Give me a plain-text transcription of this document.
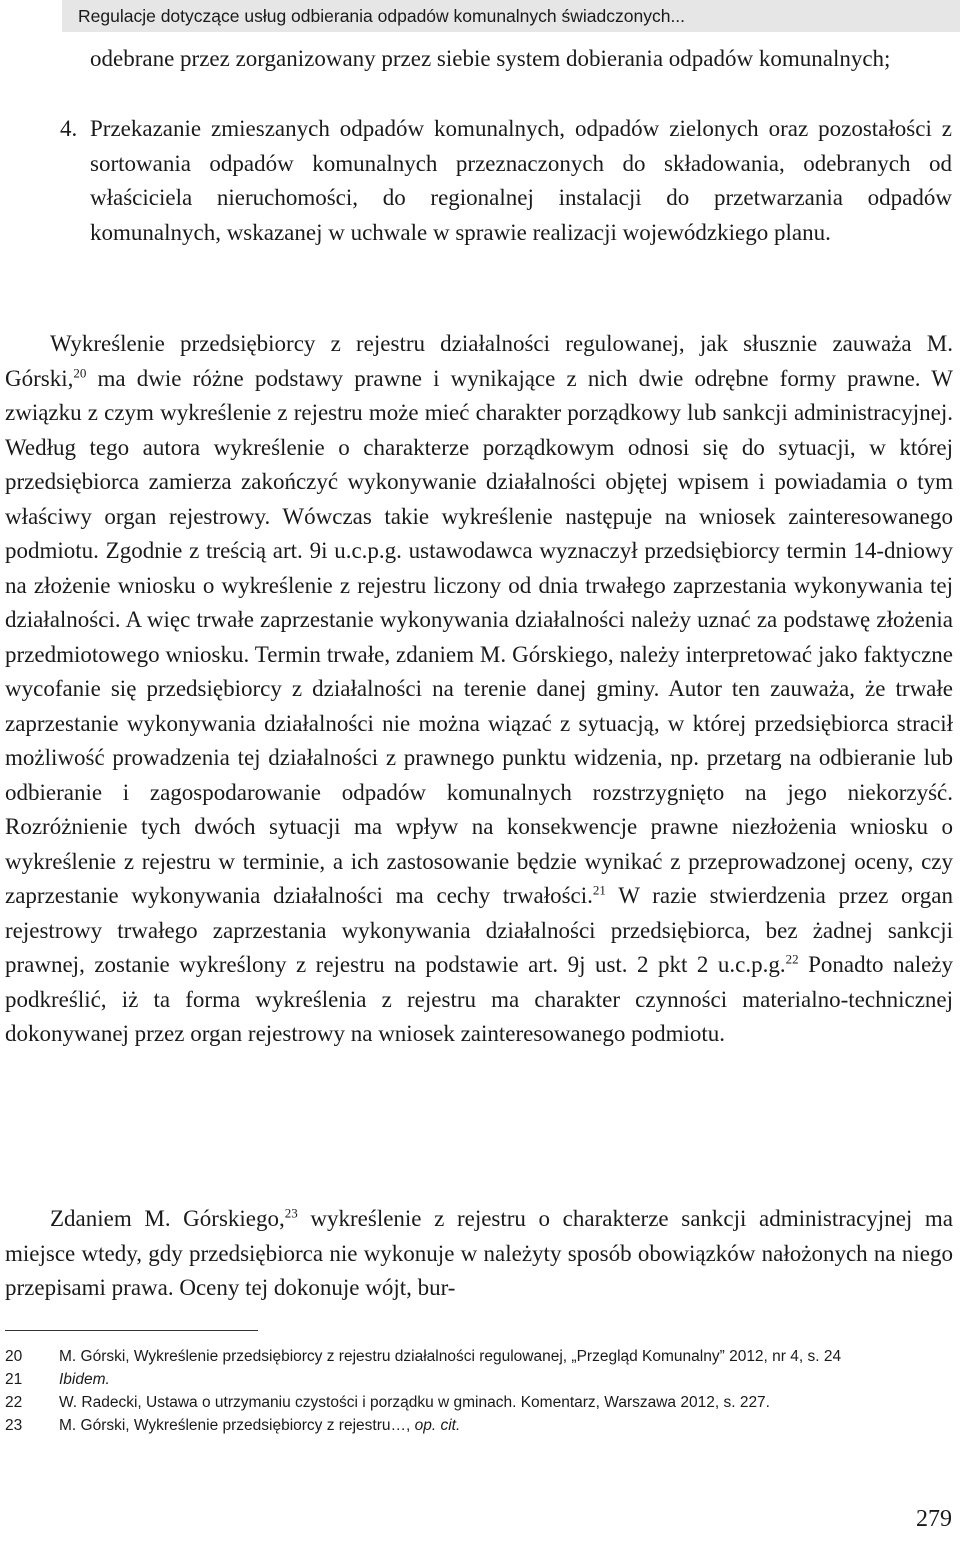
Regulacje dotyczące usług odbierania odpadów komunalnych świadczonych...

odebrane przez zorganizowany przez siebie system dobierania odpadów komunalnych;

4. Przekazanie zmieszanych odpadów komunalnych, odpadów zielonych oraz pozostałości z sortowania odpadów komunalnych przeznaczonych do składowania, odebranych od właściciela nieruchomości, do regionalnej instalacji do przetwarzania odpadów komunalnych, wskazanej w uchwale w sprawie realizacji wojewódzkiego planu.

Wykreślenie przedsiębiorcy z rejestru działalności regulowanej, jak słusznie zauważa M. Górski,$^{20}$ ma dwie różne podstawy prawne i wynikające z nich dwie odrębne formy prawne. W związku z czym wykreślenie z rejestru może mieć charakter porządkowy lub sankcji administracyjnej. Według tego autora wykreślenie o charakterze porządkowym odnosi się do sytuacji, w której przedsiębiorca zamierza zakończyć wykonywanie działalności objętej wpisem i powiadamia o tym właściwy organ rejestrowy. Wówczas takie wykreślenie następuje na wniosek zainteresowanego podmiotu. Zgodnie z treścią art. 9i u.c.p.g. ustawodawca wyznaczył przedsiębiorcy termin 14-dniowy na złożenie wniosku o wykreślenie z rejestru liczony od dnia trwałego zaprzestania wykonywania tej działalności. A więc trwałe zaprzestanie wykonywania działalności należy uznać za podstawę złożenia przedmiotowego wniosku. Termin trwałe, zdaniem M. Górskiego, należy interpretować jako faktyczne wycofanie się przedsiębiorcy z działalności na terenie danej gminy. Autor ten zauważa, że trwałe zaprzestanie wykonywania działalności nie można wiązać z sytuacją, w której przedsiębiorca stracił możliwość prowadzenia tej działalności z prawnego punktu widzenia, np. przetarg na odbieranie lub odbieranie i zagospodarowanie odpadów komunalnych rozstrzygnięto na jego niekorzyść. Rozróżnienie tych dwóch sytuacji ma wpływ na konsekwencje prawne niezłożenia wniosku o wykreślenie z rejestru w terminie, a ich zastosowanie będzie wynikać z przeprowadzonej oceny, czy zaprzestanie wykonywania działalności ma cechy trwałości.$^{21}$ W razie stwierdzenia przez organ rejestrowy trwałego zaprzestania wykonywania działalności przedsiębiorca, bez żadnej sankcji prawnej, zostanie wykreślony z rejestru na podstawie art. 9j ust. 2 pkt 2 u.c.p.g.$^{22}$ Ponadto należy podkreślić, iż ta forma wykreślenia z rejestru ma charakter czynności materialno-technicznej dokonywanej przez organ rejestrowy na wniosek zainteresowanego podmiotu.

Zdaniem M. Górskiego,$^{23}$ wykreślenie z rejestru o charakterze sankcji administracyjnej ma miejsce wtedy, gdy przedsiębiorca nie wykonuje w należyty sposób obowiązków nałożonych na niego przepisami prawa. Oceny tej dokonuje wójt, bur-

20	M. Górski, Wykreślenie przedsiębiorcy z rejestru działalności regulowanej, „Przegląd Komunalny” 2012, nr 4, s. 24
21	Ibidem.
22	W. Radecki, Ustawa o utrzymaniu czystości i porządku w gminach. Komentarz, Warszawa 2012, s. 227.
23	M. Górski, Wykreślenie przedsiębiorcy z rejestru…, op. cit.
279
